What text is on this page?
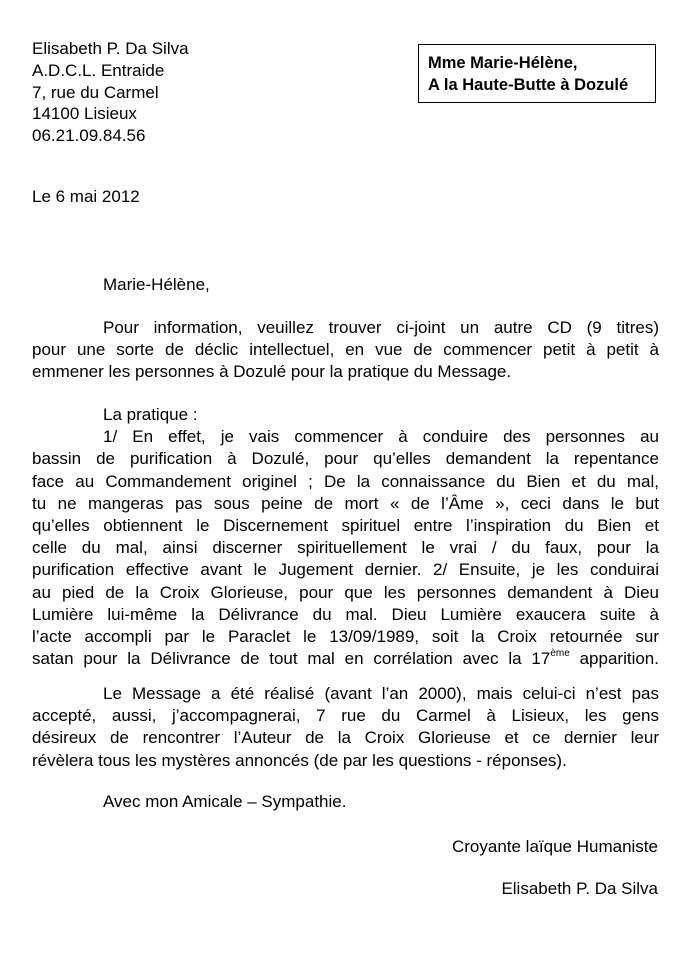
Elisabeth P. Da Silva
A.D.C.L. Entraide
7, rue du Carmel
14100 Lisieux
06.21.09.84.56
Mme Marie-Hélène,
A la Haute-Butte à Dozulé
Le 6 mai 2012
Marie-Hélène,
Pour information, veuillez trouver ci-joint un autre CD (9 titres)
pour une sorte de déclic intellectuel, en vue de commencer petit à petit à
emmener les personnes à Dozulé pour la pratique du Message.
La pratique :
1/ En effet, je vais commencer à conduire des personnes au
bassin de purification à Dozulé, pour qu’elles demandent la repentance
face au Commandement originel ; De la connaissance du Bien et du mal,
tu ne mangeras pas sous peine de mort « de l’Âme », ceci dans le but
qu’elles obtiennent le Discernement spirituel entre l’inspiration du Bien et
celle du mal, ainsi discerner spirituellement le vrai / du faux, pour la
purification effective avant le Jugement dernier. 2/ Ensuite, je les conduirai
au pied de la Croix Glorieuse, pour que les personnes demandent à Dieu
Lumière lui-même la Délivrance du mal. Dieu Lumière exaucera suite à
l’acte accompli par le Paraclet le 13/09/1989, soit la Croix retournée sur
satan pour la Délivrance de tout mal en corrélation avec la 17ème apparition.
Le Message a été réalisé (avant l’an 2000), mais celui-ci n’est pas
accepté, aussi, j’accompagnerai, 7 rue du Carmel à Lisieux, les gens
désireux de rencontrer l’Auteur de la Croix Glorieuse et ce dernier leur
révèlera tous les mystères annoncés (de par les questions - réponses).
Avec mon Amicale – Sympathie.
Croyante laïque Humaniste
Elisabeth P. Da Silva
